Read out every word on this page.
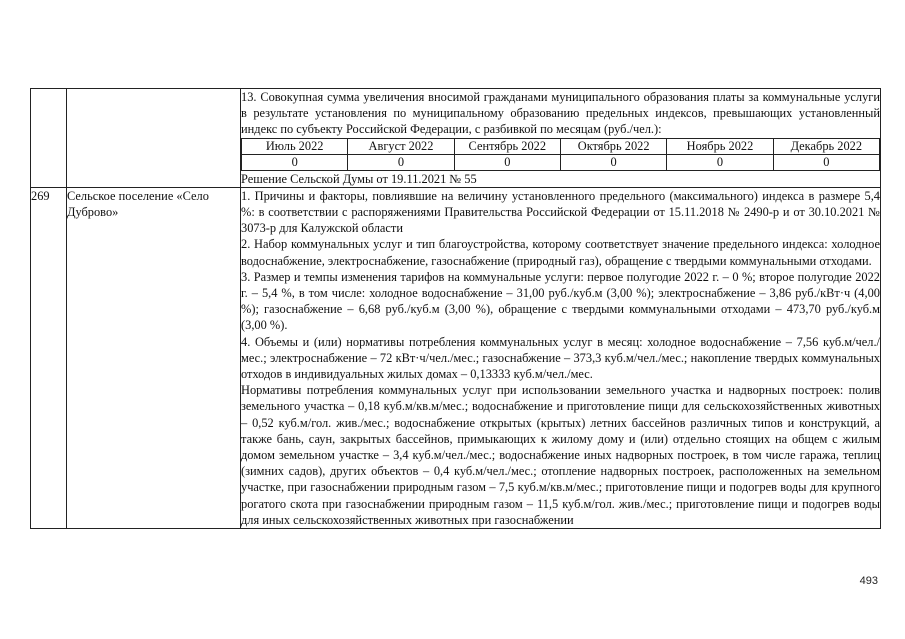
13. Совокупная сумма увеличения вносимой гражданами муниципального образования платы за коммунальные услуги в результате установления по муниципальному образованию предельных индексов, превышающих установленный индекс по субъекту Российской Федерации, с разбивкой по месяцам (руб./чел.):

Июль 2022	Август 2022	Сентябрь 2022	Октябрь 2022	Ноябрь 2022	Декабрь 2022
0	0	0	0	0	0

Решение Сельской Думы от 19.11.2021 № 55

269	Сельское поселение «Село Дуброво»	

1. Причины и факторы, повлиявшие на величину установленного предельного (максимального) индекса в размере 5,4 %: в соответствии с распоряжениями Правительства Российской Федерации от 15.11.2018 № 2490-р и от 30.10.2021 № 3073-р для Калужской области

2. Набор коммунальных услуг и тип благоустройства, которому соответствует значение предельного индекса: холодное водоснабжение, электроснабжение, газоснабжение (природный газ), обращение с твердыми коммунальными отходами.

3. Размер и темпы изменения тарифов на коммунальные услуги: первое полугодие 2022 г. – 0 %; второе полугодие 2022 г. – 5,4 %, в том числе: холодное водоснабжение – 31,00 руб./куб.м (3,00 %); электроснабжение – 3,86 руб./кВт·ч (4,00 %); газоснабжение – 6,68 руб./куб.м (3,00 %), обращение с твердыми коммунальными отходами – 473,70 руб./куб.м (3,00 %).

4. Объемы и (или) нормативы потребления коммунальных услуг в месяц: холодное водоснабжение – 7,56 куб.м/чел./мес.; электроснабжение – 72 кВт·ч/чел./мес.; газоснабжение – 373,3 куб.м/чел./мес.; накопление твердых коммунальных отходов в индивидуальных жилых домах – 0,13333 куб.м/чел./мес.

Нормативы потребления коммунальных услуг при использовании земельного участка и надворных построек: полив земельного участка – 0,18 куб.м/кв.м/мес.; водоснабжение и приготовление пищи для сельскохозяйственных животных – 0,52 куб.м/гол. жив./мес.; водоснабжение открытых (крытых) летних бассейнов различных типов и конструкций, а также бань, саун, закрытых бассейнов, примыкающих к жилому дому и (или) отдельно стоящих на общем с жилым домом земельном участке – 3,4 куб.м/чел./мес.; водоснабжение иных надворных построек, в том числе гаража, теплиц (зимних садов), других объектов – 0,4 куб.м/чел./мес.; отопление надворных построек, расположенных на земельном участке, при газоснабжении природным газом – 7,5 куб.м/кв.м/мес.; приготовление пищи и подогрев воды для крупного рогатого скота при газоснабжении природным газом – 11,5 куб.м/гол. жив./мес.; приготовление пищи и подогрев воды для иных сельскохозяйственных животных при газоснабжении

493
